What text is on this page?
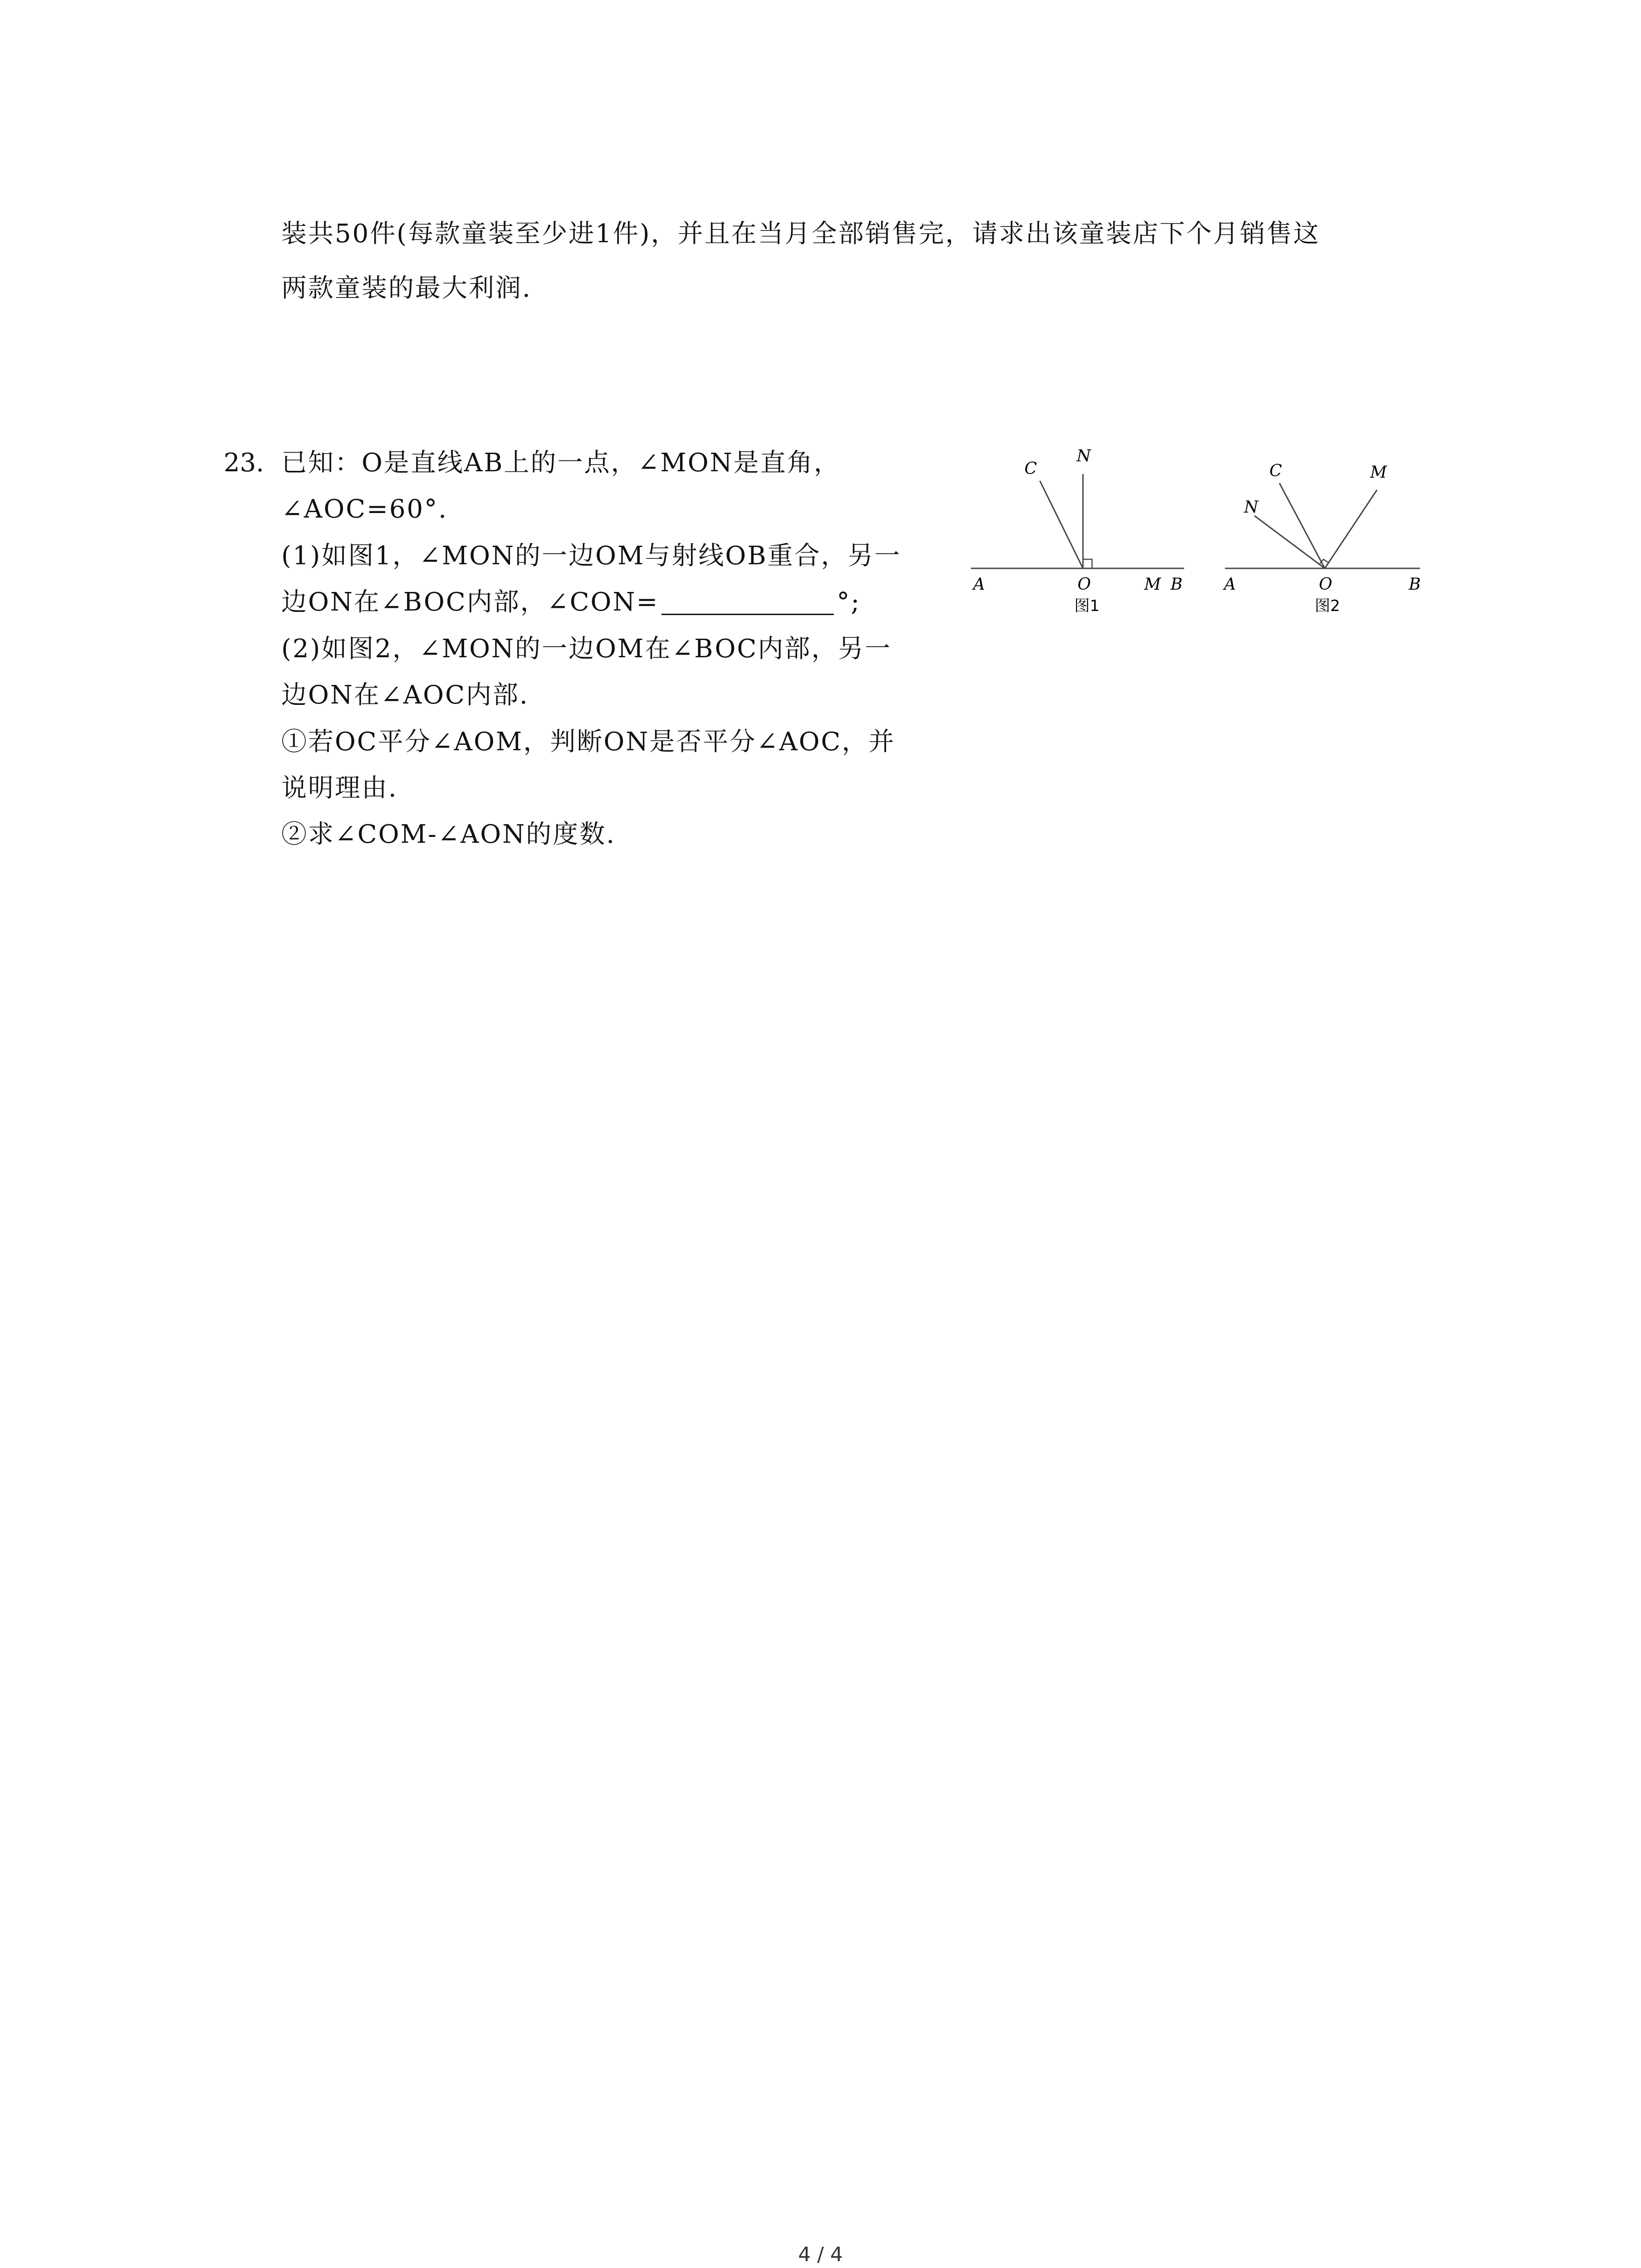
装共50件(每款童装至少进1件)，并且在当月全部销售完，请求出该童装店下个月销售这
两款童装的最大利润.
23. 已知：O是直线AB上的一点，∠MON是直角，
∠AOC=60°.
(1)如图1，∠MON的一边OM与射线OB重合，另一
边ON在∠BOC内部，∠CON=	°;
(2)如图2，∠MON的一边OM在∠BOC内部，另一
边ON在∠AOC内部.
①若OC平分∠AOM，判断ON是否平分∠AOC，并
说明理由.
②求∠COM-∠AON的度数.
A	O	M B
C
N
图1
A	O	B
C
N
M
图2
4 / 4
